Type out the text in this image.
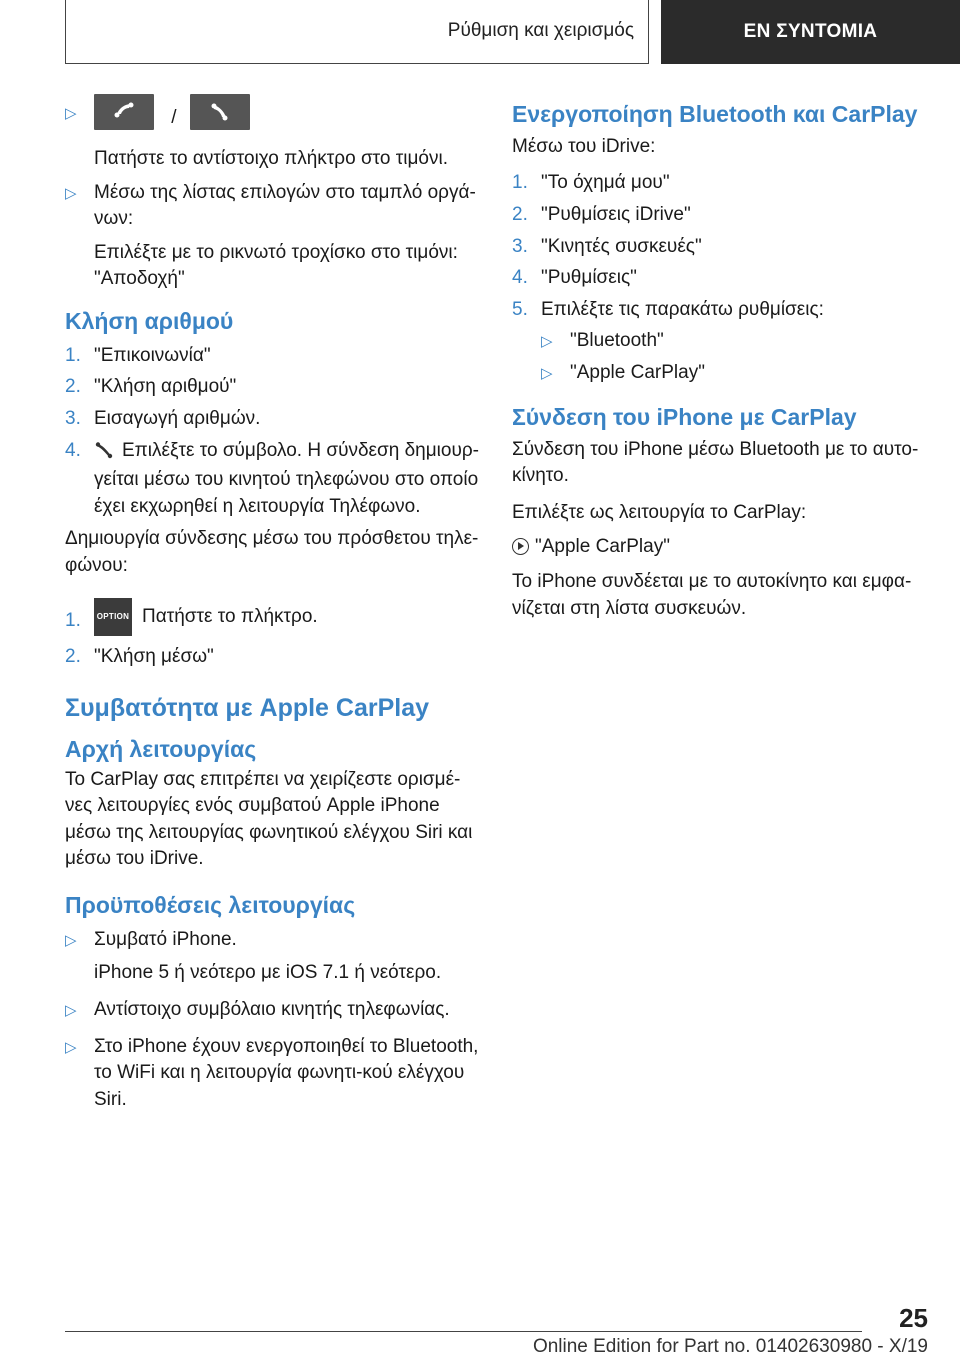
Ρύθμιση και χειρισμός	ΕΝ ΣΥΝΤΟΜΙΑ
▷	/
Πατήστε το αντίστοιχο πλήκτρο στο τιμόνι.
▷ Μέσω της λίστας επιλογών στο ταμπλό οργά-νων:
Επιλέξτε με το ρικνωτό τροχίσκο στο τιμόνι: "Αποδοχή"
Κλήση αριθμού
1. "Επικοινωνία"
2. "Κλήση αριθμού"
3. Εισαγωγή αριθμών.
4. Επιλέξτε το σύμβολο. Η σύνδεση δημιουρ-γείται μέσω του κινητού τηλεφώνου στο οποίο έχει εκχωρηθεί η λειτουργία Τηλέφωνο.

Δημιουργία σύνδεσης μέσω του πρόσθετου τηλε-φώνου:

1.	OPTION Πατήστε το πλήκτρο.
2. "Κλήση μέσω"
Συμβατότητα με Apple CarPlay
Αρχή λειτουργίας

Το CarPlay σας επιτρέπει να χειρίζεστε ορισμέ-νες λειτουργίες ενός συμβατού Apple iPhone μέσω της λειτουργίας φωνητικού ελέγχου Siri και μέσω του iDrive.

Προϋποθέσεις λειτουργίας
▷ Συμβατό iPhone.
iPhone 5 ή νεότερο με iOS 7.1 ή νεότερο.
▷ Αντίστοιχο συμβόλαιο κινητής τηλεφωνίας.
▷ Στο iPhone έχουν ενεργοποιηθεί το Bluetooth, το WiFi και η λειτουργία φωνητι-κού ελέγχου Siri.
Ενεργοποίηση Bluetooth και CarPlay

Μέσω του iDrive:

1. "Το όχημά μου"
2. "Ρυθμίσεις iDrive"
3. "Κινητές συσκευές"
4. "Ρυθμίσεις"
5. Επιλέξτε τις παρακάτω ρυθμίσεις:
▷ "Bluetooth"
▷ "Apple CarPlay"
Σύνδεση του iPhone με CarPlay

Σύνδεση του iPhone μέσω Bluetooth με το αυτο-κίνητο.

Επιλέξτε ως λειτουργία το CarPlay:

"Apple CarPlay"

Το iPhone συνδέεται με το αυτοκίνητο και εμφα-νίζεται στη λίστα συσκευών.

25
Online Edition for Part no. 01402630980 - X/19
